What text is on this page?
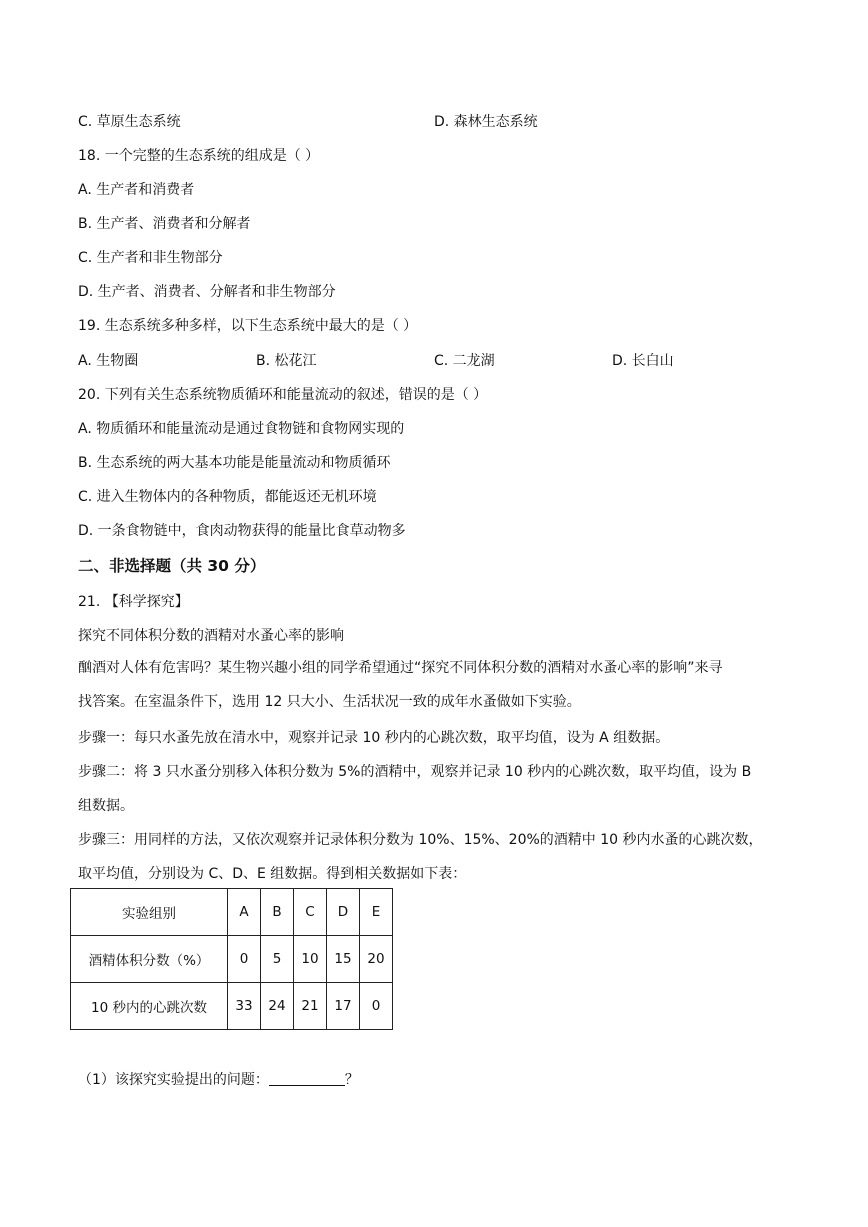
C. 草原生态系统	D. 森林生态系统
18. 一个完整的生态系统的组成是（ ）
A. 生产者和消费者
B. 生产者、消费者和分解者
C. 生产者和非生物部分
D. 生产者、消费者、分解者和非生物部分
19. 生态系统多种多样，以下生态系统中最大的是（ ）
A. 生物圈	B. 松花江	C. 二龙湖	D. 长白山
20. 下列有关生态系统物质循环和能量流动的叙述，错误的是（ ）
A. 物质循环和能量流动是通过食物链和食物网实现的
B. 生态系统的两大基本功能是能量流动和物质循环
C. 进入生物体内的各种物质，都能返还无机环境
D. 一条食物链中，食肉动物获得的能量比食草动物多
二、非选择题（共 30 分）
21. 【科学探究】
探究不同体积分数的酒精对水蚤心率的影响
酗酒对人体有危害吗？某生物兴趣小组的同学希望通过“探究不同体积分数的酒精对水蚤心率的影响”来寻
找答案。在室温条件下，选用 12 只大小、生活状况一致的成年水蚤做如下实验。
步骤一：每只水蚤先放在清水中，观察并记录 10 秒内的心跳次数，取平均值，设为 A 组数据。
步骤二：将 3 只水蚤分别移入体积分数为 5%的酒精中，观察并记录 10 秒内的心跳次数，取平均值，设为 B
组数据。
步骤三：用同样的方法，又依次观察并记录体积分数为 10%、15%、20%的酒精中 10 秒内水蚤的心跳次数，
取平均值，分别设为 C、D、E 组数据。得到相关数据如下表：
实验组别	A	B	C	D	E
酒精体积分数（%）	0	5	10	15	20
10 秒内的心跳次数	33	24	21	17	0
（1）该探究实验提出的问题：	？
